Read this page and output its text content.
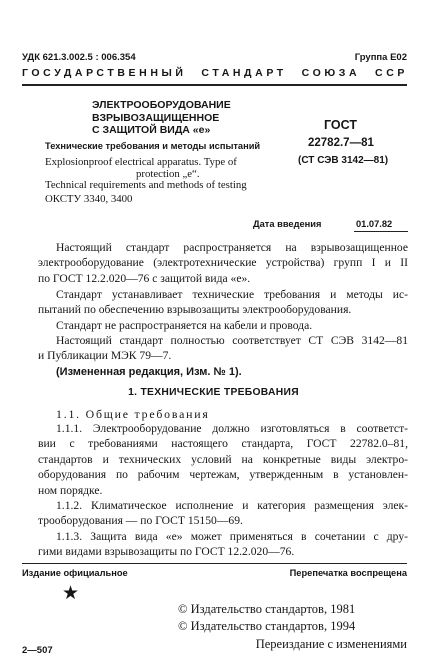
УДК 621.3.002.5 : 006.354	Группа Е02
ГОСУДАРСТВЕННЫЙ СТАНДАРТ СОЮЗА ССР
ЭЛЕКТРООБОРУДОВАНИЕ
ВЗРЫВОЗАЩИЩЕННОЕ
С ЗАЩИТОЙ ВИДА «е»
Технические требования и методы испытаний
Explosionproof electrical apparatus. Type of
protection „e“.
Technical requirements and methods of testing
ОКСТУ 3340, 3400
ГОСТ
22782.7—81
(СТ СЭВ 3142—81)
Дата введения	01.07.82
Настоящий стандарт распространяется на взрывозащищенное
электрооборудование (электротехнические устройства) групп I и II
по ГОСТ 12.2.020—76 с защитой вида «е».
Стандарт устанавливает технические требования и методы ис-
пытаний по обеспечению взрывозащиты электрооборудования.
Стандарт не распространяется на кабели и провода.
Настоящий стандарт полностью соответствует СТ СЭВ 3142—81
и Публикации МЭК 79—7.
(Измененная редакция, Изм. № 1).
1. ТЕХНИЧЕСКИЕ ТРЕБОВАНИЯ
1.1. Общие требования
1.1.1. Электрооборудование должно изготовляться в соответст-
вии с требованиями настоящего стандарта, ГОСТ 22782.0–81,
стандартов и технических условий на конкретные виды электро-
оборудования по рабочим чертежам, утвержденным в установлен-
ном порядке.
1.1.2. Климатическое исполнение и категория размещения элек-
трооборудования — по ГОСТ 15150—69.
1.1.3. Защита вида «е» может применяться в сочетании с дру-
гими видами взрывозащиты по ГОСТ 12.2.020—76.
Издание официальное	Перепечатка воспрещена
★
© Издательство стандартов, 1981
© Издательство стандартов, 1994
Переиздание с изменениями
2—507
